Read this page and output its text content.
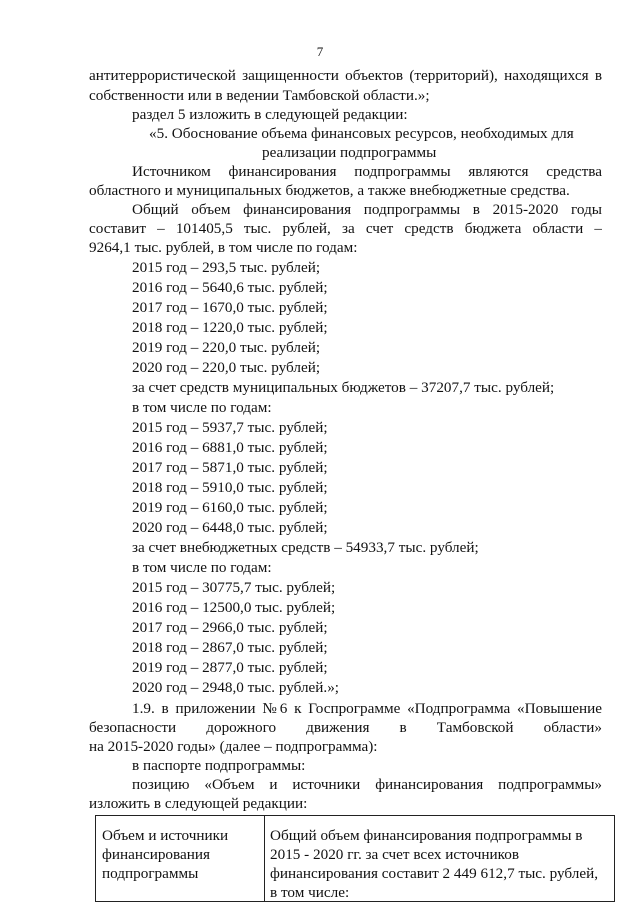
7
антитеррористической защищенности объектов (территорий), находящихся в
собственности или в ведении Тамбовской области.»;
раздел 5 изложить в следующей редакции:
«5. Обоснование объема финансовых ресурсов, необходимых для
реализации подпрограммы
Источником финансирования подпрограммы являются средства
областного и муниципальных бюджетов, а также внебюджетные средства.
Общий объем финансирования подпрограммы в 2015-2020 годы
составит – 101405,5 тыс. рублей, за счет средств бюджета области –
9264,1 тыс. рублей, в том числе по годам:
2015 год – 293,5 тыс. рублей;
2016 год – 5640,6 тыс. рублей;
2017 год – 1670,0 тыс. рублей;
2018 год – 1220,0 тыс. рублей;
2019 год – 220,0 тыс. рублей;
2020 год – 220,0 тыс. рублей;
за счет средств муниципальных бюджетов – 37207,7 тыс. рублей;
в том числе по годам:
2015 год – 5937,7 тыс. рублей;
2016 год – 6881,0 тыс. рублей;
2017 год – 5871,0 тыс. рублей;
2018 год – 5910,0 тыс. рублей;
2019 год – 6160,0 тыс. рублей;
2020 год – 6448,0 тыс. рублей;
за счет внебюджетных средств – 54933,7 тыс. рублей;
в том числе по годам:
2015 год – 30775,7 тыс. рублей;
2016 год – 12500,0 тыс. рублей;
2017 год – 2966,0 тыс. рублей;
2018 год – 2867,0 тыс. рублей;
2019 год – 2877,0 тыс. рублей;
2020 год – 2948,0 тыс. рублей.»;
1.9. в приложении №6 к Госпрограмме «Подпрограмма «Повышение
безопасности дорожного движения в Тамбовской области»
на 2015-2020 годы» (далее – подпрограмма):
в паспорте подпрограммы:
позицию «Объем и источники финансирования подпрограммы»
изложить в следующей редакции:
Объем и источники
финансирования
подпрограммы
Общий объем финансирования подпрограммы в
2015 - 2020 гг. за счет всех источников
финансирования составит 2 449 612,7 тыс. рублей,
в том числе:
